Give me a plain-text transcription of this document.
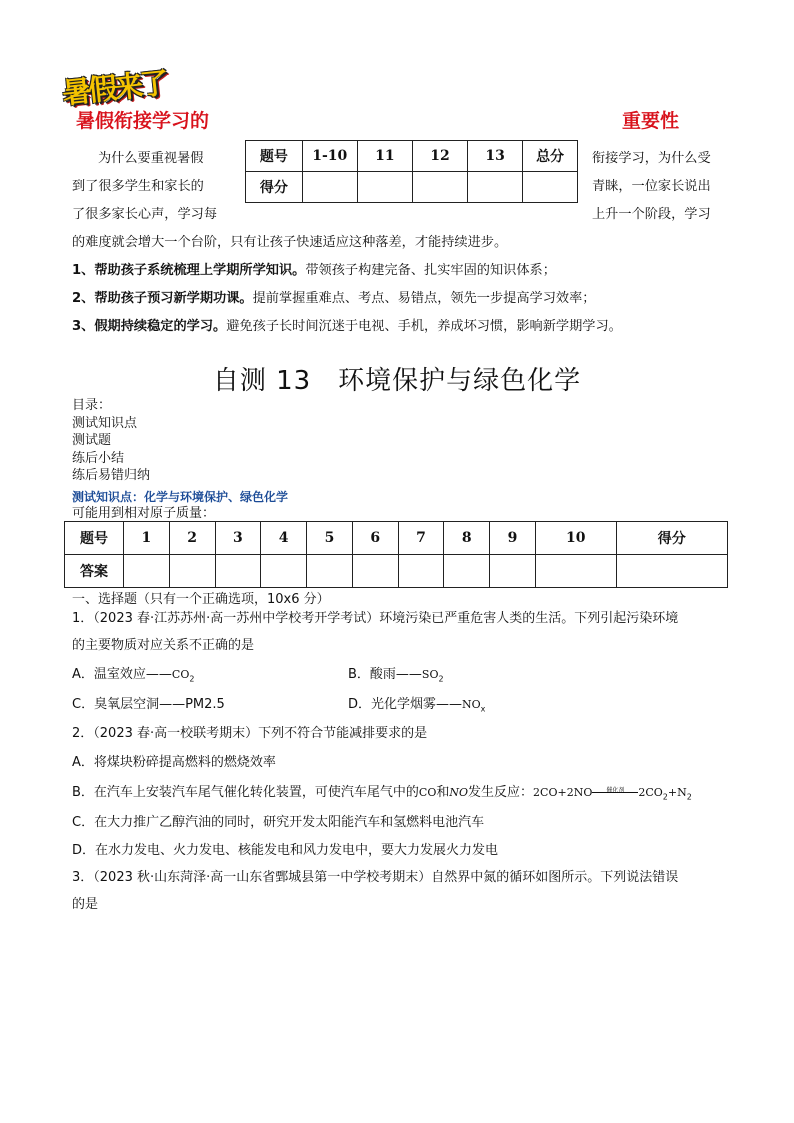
暑假来了
暑假衔接学习的	重要性
题号	1-10	11	12	13	总分
得分					
为什么要重视暑假	衔接学习，为什么受
到了很多学生和家长的	青睐，一位家长说出
了很多家长心声，学习每	上升一个阶段，学习
的难度就会增大一个台阶，只有让孩子快速适应这种落差，才能持续进步。
1、帮助孩子系统梳理上学期所学知识。带领孩子构建完备、扎实牢固的知识体系；
2、帮助孩子预习新学期功课。提前掌握重难点、考点、易错点，领先一步提高学习效率；
3、假期持续稳定的学习。避免孩子长时间沉迷于电视、手机，养成坏习惯，影响新学期学习。
自测 13　环境保护与绿色化学
目录：
测试知识点
测试题
练后小结
练后易错归纳
测试知识点：化学与环境保护、绿色化学
可能用到相对原子质量：
题号	1	2	3	4	5	6	7	8	9	10	得分
答案											
一、选择题（只有一个正确选项，10x6 分）
1．（2023 春·江苏苏州·高一苏州中学校考开学考试）环境污染已严重危害人类的生活。下列引起污染环境
的主要物质对应关系不正确的是
A．温室效应$——CO_2$	B．酸雨$——SO_2$
C．臭氧层空洞——PM2.5	D．光化学烟雾$——NO_x$
2．（2023 春·高一校联考期末）下列不符合节能减排要求的是
A．将煤块粉碎提高燃料的燃烧效率
B．在汽车上安装汽车尾气催化转化装置，可使汽车尾气中的CO和NO发生反应：2CO+2NO	催化剂	$2CO_2+N_2$
C．在大力推广乙醇汽油的同时，研究开发太阳能汽车和氢燃料电池汽车
D．在水力发电、火力发电、核能发电和风力发电中，要大力发展火力发电
3．（2023 秋·山东菏泽·高一山东省鄄城县第一中学校考期末）自然界中氮的循环如图所示。下列说法错误
的是
